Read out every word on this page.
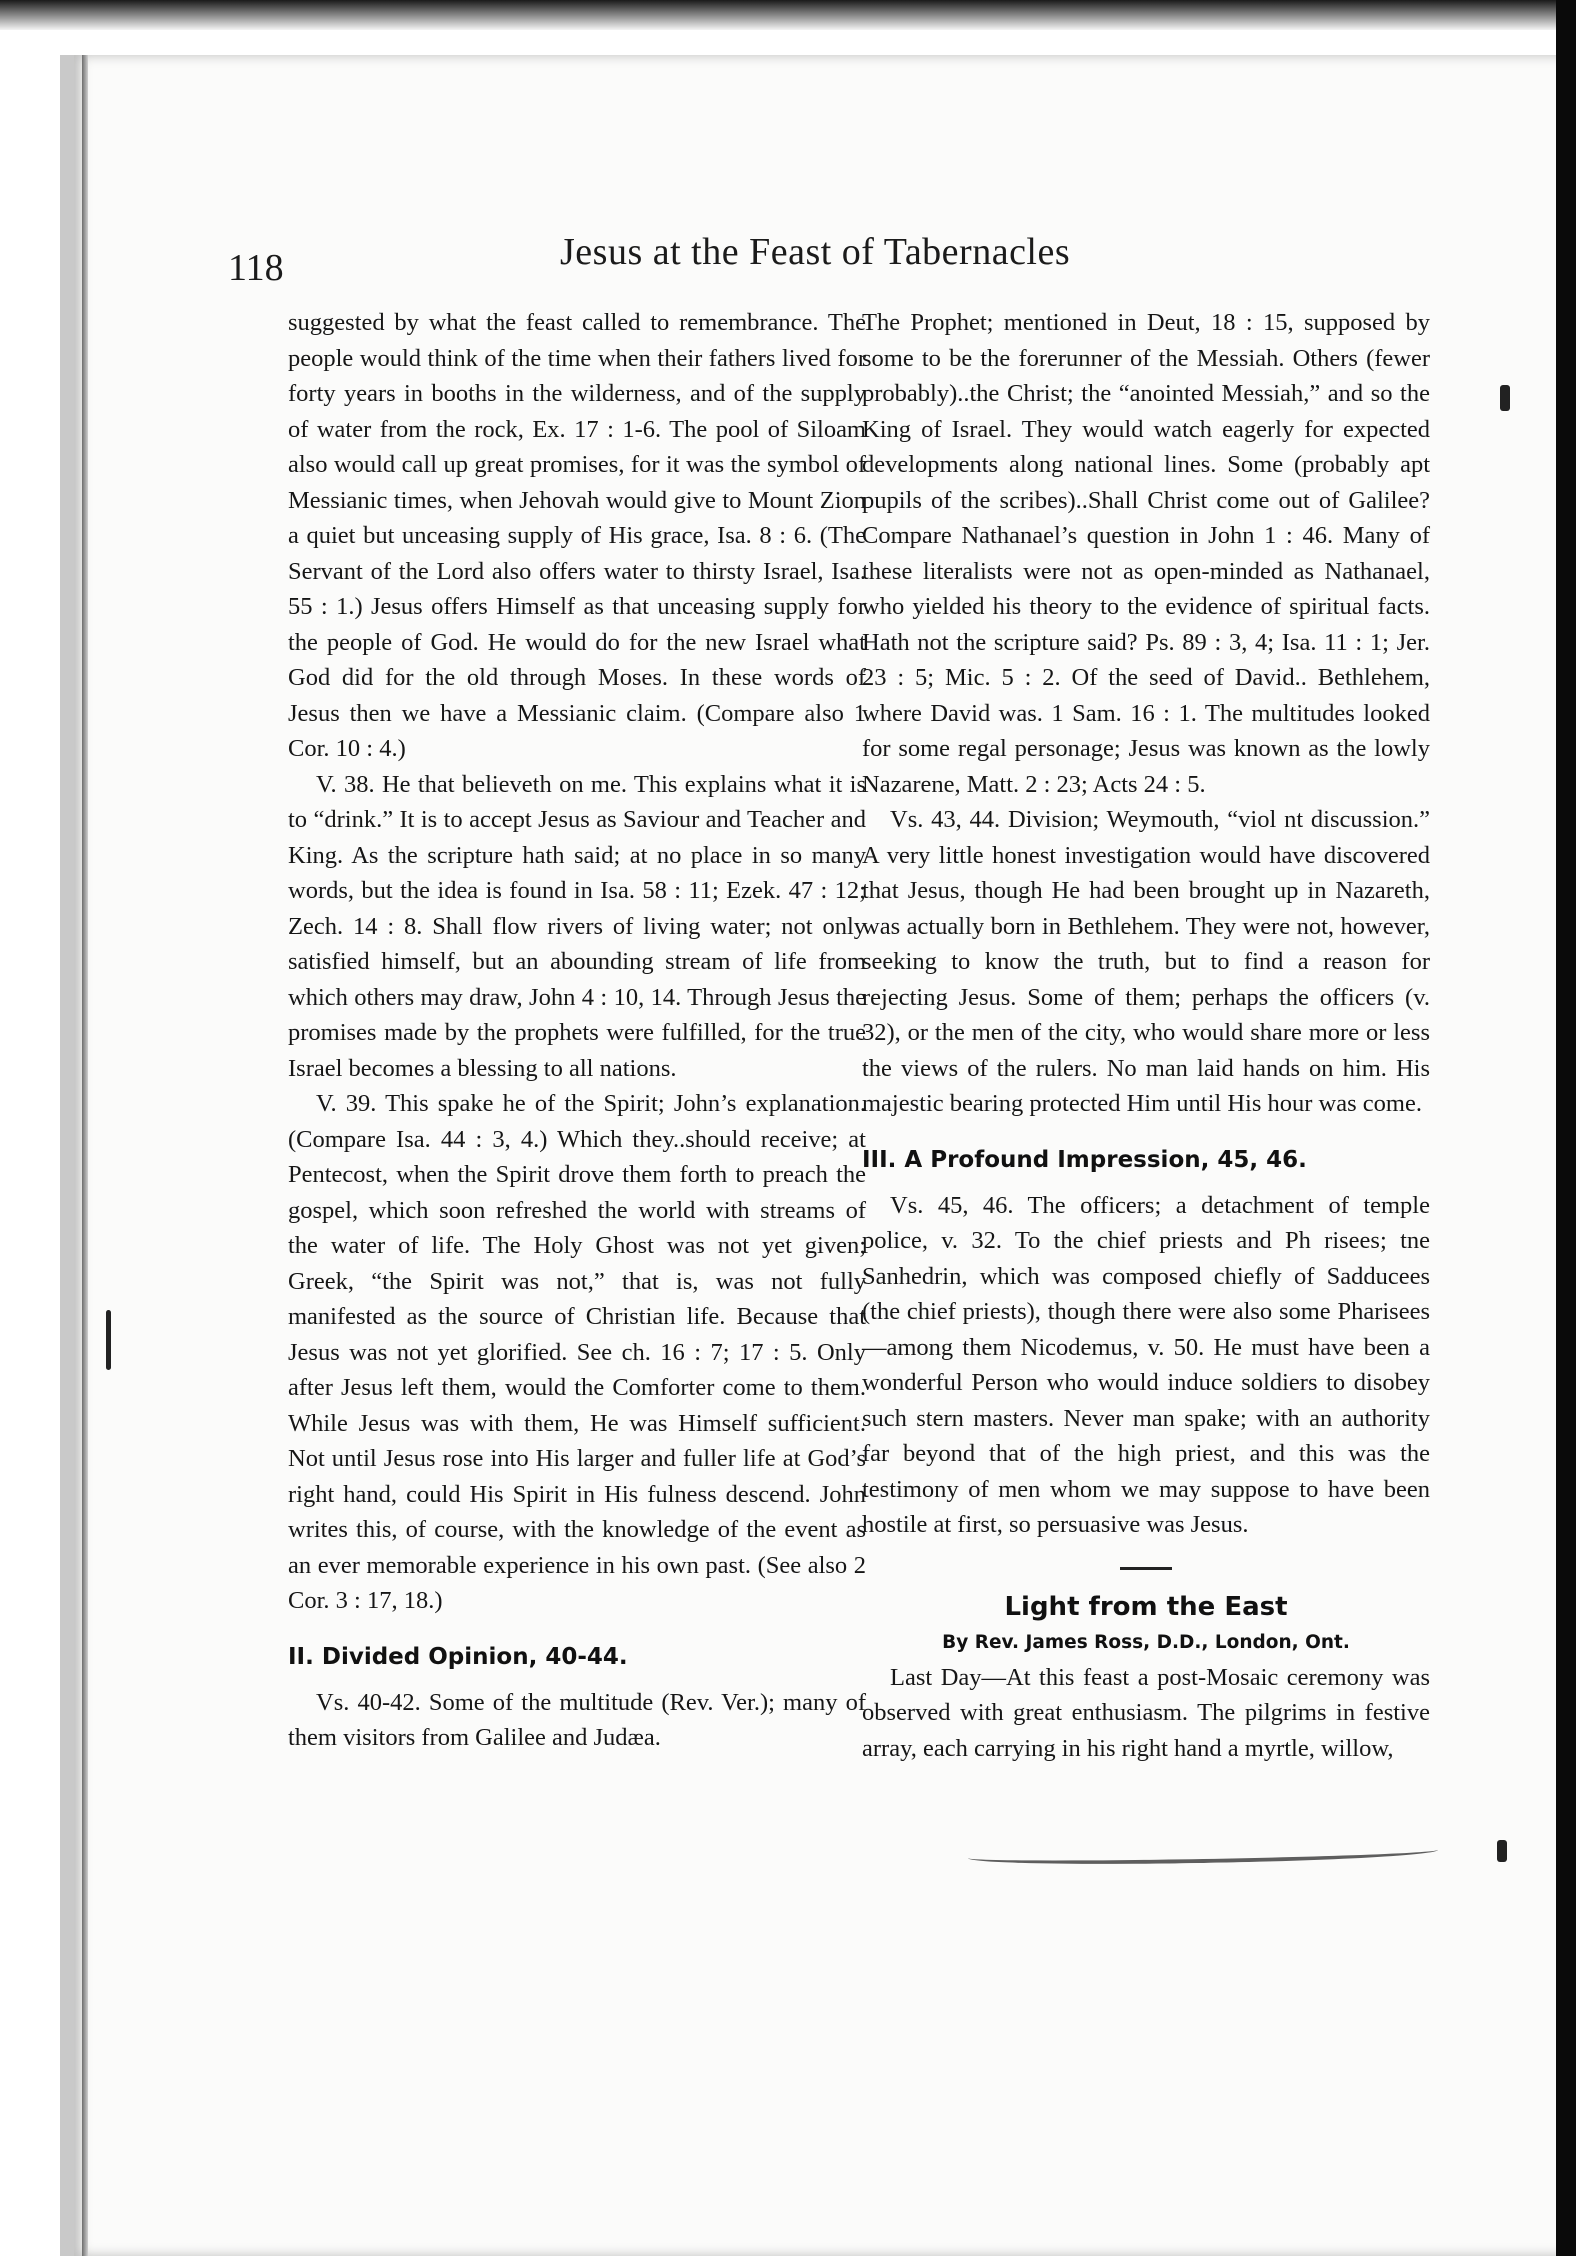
118	Jesus at the Feast of Tabernacles

suggested by what the feast called to remembrance. The people would think of the time when their fathers lived for forty years in booths in the wilderness, and of the supply of water from the rock, Ex. 17 : 1-6. The pool of Siloam also would call up great promises, for it was the symbol of Messianic times, when Jehovah would give to Mount Zion a quiet but unceasing supply of His grace, Isa. 8 : 6. (The Servant of the Lord also offers water to thirsty Israel, Isa. 55 : 1.) Jesus offers Himself as that unceasing supply for the people of God. He would do for the new Israel what God did for the old through Moses. In these words of Jesus then we have a Messianic claim. (Compare also 1 Cor. 10 : 4.)

V. 38. He that believeth on me. This explains what it is to “drink.” It is to accept Jesus as Saviour and Teacher and King. As the scripture hath said; at no place in so many words, but the idea is found in Isa. 58 : 11; Ezek. 47 : 12; Zech. 14 : 8. Shall flow rivers of living water; not only satisfied himself, but an abounding stream of life from which others may draw, John 4 : 10, 14. Through Jesus the promises made by the prophets were fulfilled, for the true Israel becomes a blessing to all nations.

V. 39. This spake he of the Spirit; John’s explanation. (Compare Isa. 44 : 3, 4.) Which they..should receive; at Pentecost, when the Spirit drove them forth to preach the gospel, which soon refreshed the world with streams of the water of life. The Holy Ghost was not yet given; Greek, “the Spirit was not,” that is, was not fully manifested as the source of Christian life. Because that Jesus was not yet glorified. See ch. 16 : 7; 17 : 5. Only after Jesus left them, would the Comforter come to them. While Jesus was with them, He was Himself sufficient. Not until Jesus rose into His larger and fuller life at God’s right hand, could His Spirit in His fulness descend. John writes this, of course, with the knowledge of the event as an ever memorable experience in his own past. (See also 2 Cor. 3 : 17, 18.)

II. Divided Opinion, 40-44.

Vs. 40-42. Some of the multitude (Rev. Ver.); many of them visitors from Galilee and Judæa.

The Prophet; mentioned in Deut, 18 : 15, supposed by some to be the forerunner of the Messiah. Others (fewer probably)..the Christ; the “anointed Messiah,” and so the King of Israel. They would watch eagerly for expected developments along national lines. Some (probably apt pupils of the scribes)..Shall Christ come out of Galilee? Compare Nathanael’s question in John 1 : 46. Many of these literalists were not as open-minded as Nathanael, who yielded his theory to the evidence of spiritual facts. Hath not the scripture said? Ps. 89 : 3, 4; Isa. 11 : 1; Jer. 23 : 5; Mic. 5 : 2. Of the seed of David.. Bethlehem, where David was. 1 Sam. 16 : 1. The multitudes looked for some regal personage; Jesus was known as the lowly Nazarene, Matt. 2 : 23; Acts 24 : 5.

Vs. 43, 44. Division; Weymouth, “viol nt discussion.” A very little honest investigation would have discovered that Jesus, though He had been brought up in Nazareth, was actually born in Bethlehem. They were not, however, seeking to know the truth, but to find a reason for rejecting Jesus. Some of them; perhaps the officers (v. 32), or the men of the city, who would share more or less the views of the rulers. No man laid hands on him. His majestic bearing protected Him until His hour was come.

III. A Profound Impression, 45, 46.

Vs. 45, 46. The officers; a detachment of temple police, v. 32. To the chief priests and Ph risees; tne Sanhedrin, which was composed chiefly of Sadducees (the chief priests), though there were also some Pharisees—among them Nicodemus, v. 50. He must have been a wonderful Person who would induce soldiers to disobey such stern masters. Never man spake; with an authority far beyond that of the high priest, and this was the testimony of men whom we may suppose to have been hostile at first, so persuasive was Jesus.

Light from the East
By Rev. James Ross, D.D., London, Ont.

Last Day—At this feast a post-Mosaic ceremony was observed with great enthusiasm. The pilgrims in festive array, each carrying in his right hand a myrtle, willow,
